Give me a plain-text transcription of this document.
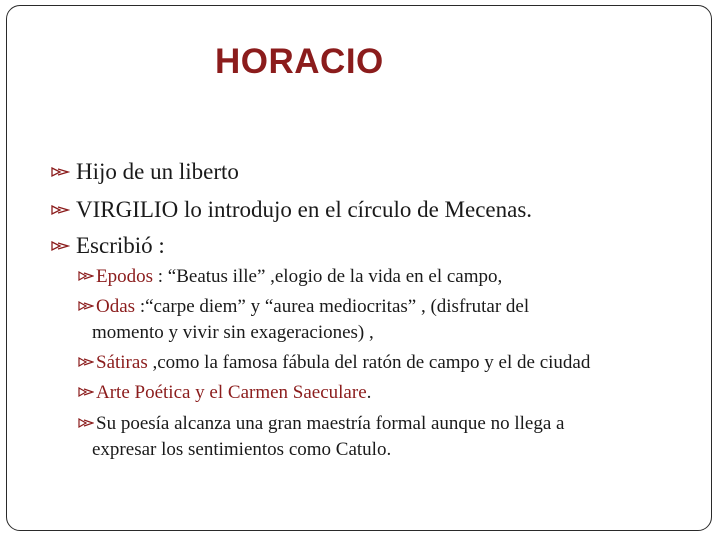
HORACIO
Hijo de un liberto
VIRGILIO lo introdujo en el círculo de Mecenas.
Escribió :
Epodos : “Beatus ille” ,elogio de la vida en el campo,
Odas :“carpe diem” y “aurea mediocritas” , (disfrutar del
momento y vivir sin exageraciones) ,
Sátiras ,como la famosa fábula del ratón de campo y el de ciudad
Arte Poética y el Carmen Saeculare.
Su poesía alcanza una gran maestría formal aunque no llega a
expresar los sentimientos como Catulo.
